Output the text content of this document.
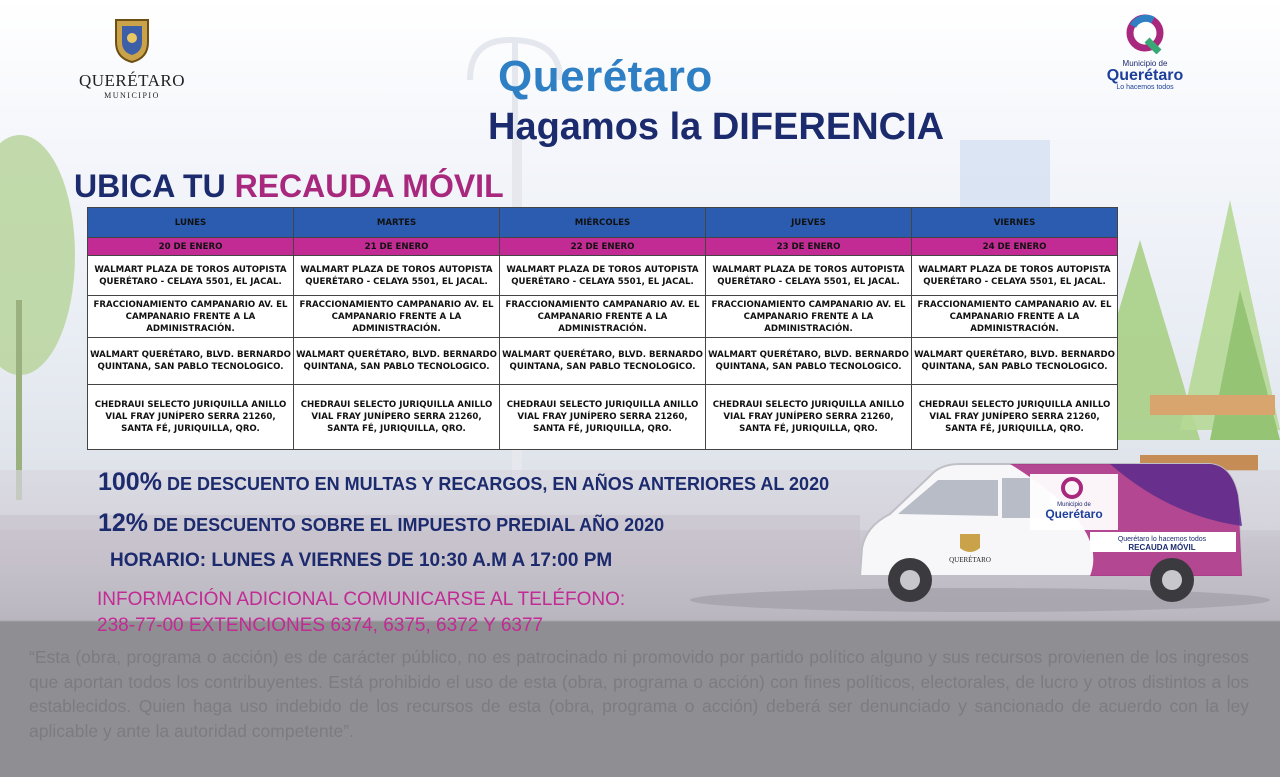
QUERÉTARO
MUNICIPIO
Municipio de
Querétaro
Lo hacemos todos
Querétaro
Hagamos la DIFERENCIA
UBICA TU RECAUDA MÓVIL
LUNES	MARTES	MIÉRCOLES	JUEVES	VIERNES
20 DE ENERO	21 DE ENERO	22 DE ENERO	23 DE ENERO	24 DE ENERO
WALMART PLAZA DE TOROS AUTOPISTA QUERÉTARO - CELAYA 5501, EL JACAL.	WALMART PLAZA DE TOROS AUTOPISTA QUERÉTARO - CELAYA 5501, EL JACAL.	WALMART PLAZA DE TOROS AUTOPISTA QUERÉTARO - CELAYA 5501, EL JACAL.	WALMART PLAZA DE TOROS AUTOPISTA QUERÉTARO - CELAYA 5501, EL JACAL.	WALMART PLAZA DE TOROS AUTOPISTA QUERÉTARO - CELAYA 5501, EL JACAL.
FRACCIONAMIENTO CAMPANARIO AV. EL CAMPANARIO FRENTE A LA ADMINISTRACIÓN.	FRACCIONAMIENTO CAMPANARIO AV. EL CAMPANARIO FRENTE A LA ADMINISTRACIÓN.	FRACCIONAMIENTO CAMPANARIO AV. EL CAMPANARIO FRENTE A LA ADMINISTRACIÓN.	FRACCIONAMIENTO CAMPANARIO AV. EL CAMPANARIO FRENTE A LA ADMINISTRACIÓN.	FRACCIONAMIENTO CAMPANARIO AV. EL CAMPANARIO FRENTE A LA ADMINISTRACIÓN.
WALMART QUERÉTARO, BLVD. BERNARDO QUINTANA, SAN PABLO TECNOLOGICO.	WALMART QUERÉTARO, BLVD. BERNARDO QUINTANA, SAN PABLO TECNOLOGICO.	WALMART QUERÉTARO, BLVD. BERNARDO QUINTANA, SAN PABLO TECNOLOGICO.	WALMART QUERÉTARO, BLVD. BERNARDO QUINTANA, SAN PABLO TECNOLOGICO.	WALMART QUERÉTARO, BLVD. BERNARDO QUINTANA, SAN PABLO TECNOLOGICO.
CHEDRAUI SELECTO JURIQUILLA ANILLO VIAL FRAY JUNÍPERO SERRA 21260, SANTA FÉ, JURIQUILLA, QRO.	CHEDRAUI SELECTO JURIQUILLA ANILLO VIAL FRAY JUNÍPERO SERRA 21260, SANTA FÉ, JURIQUILLA, QRO.	CHEDRAUI SELECTO JURIQUILLA ANILLO VIAL FRAY JUNÍPERO SERRA 21260, SANTA FÉ, JURIQUILLA, QRO.	CHEDRAUI SELECTO JURIQUILLA ANILLO VIAL FRAY JUNÍPERO SERRA 21260, SANTA FÉ, JURIQUILLA, QRO.	CHEDRAUI SELECTO JURIQUILLA ANILLO VIAL FRAY JUNÍPERO SERRA 21260, SANTA FÉ, JURIQUILLA, QRO.
100% DE DESCUENTO EN MULTAS Y RECARGOS, EN AÑOS ANTERIORES AL 2020
12% DE DESCUENTO SOBRE EL IMPUESTO PREDIAL AÑO 2020
HORARIO: LUNES A VIERNES DE 10:30 A.M A 17:00 PM
INFORMACIÓN ADICIONAL COMUNICARSE AL TELÉFONO:
238-77-00 EXTENCIONES 6374, 6375, 6372 Y 6377
Querétaro lo hacemos todos
RECAUDA MÓVIL
Municipio de
Querétaro
QUERÉTARO
“Esta (obra, programa o acción) es de carácter público, no es patrocinado ni promovido por partido político alguno y sus recursos provienen de los ingresos que aportan todos los contribuyentes. Está prohibido el uso de esta (obra, programa o acción) con fines políticos, electorales, de lucro y otros distintos a los establecidos. Quien haga uso indebido de los recursos de esta (obra, programa o acción) deberá ser denunciado y sancionado de acuerdo con la ley aplicable y ante la autoridad competente”.
